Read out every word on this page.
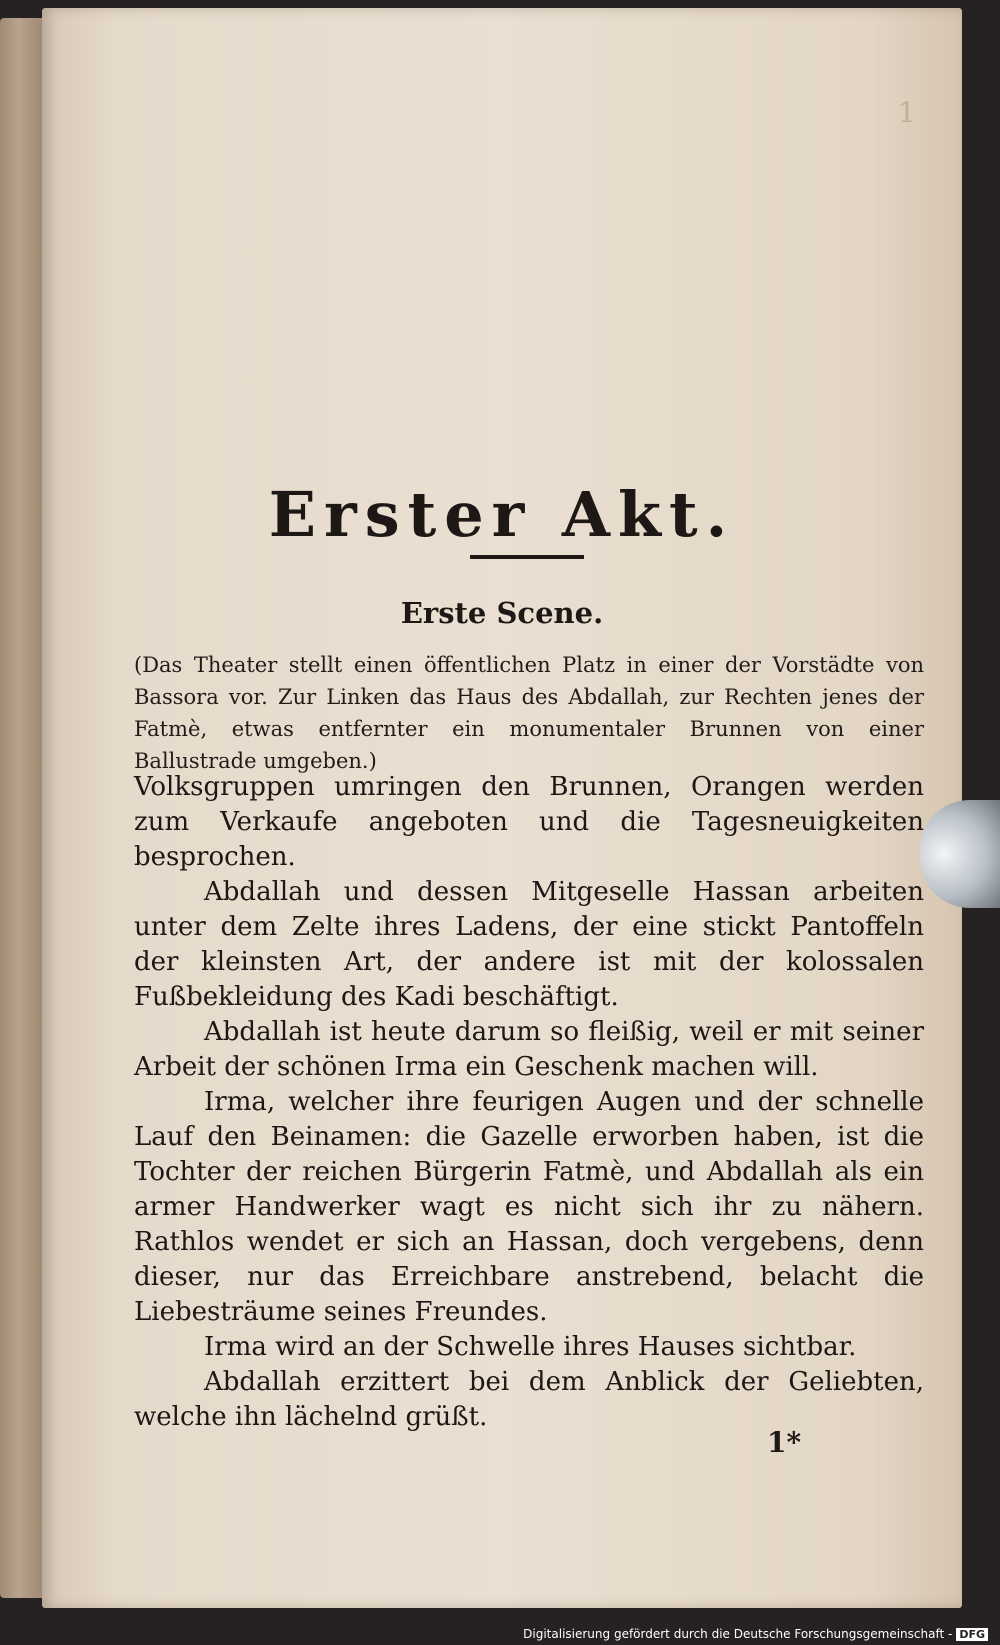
1
Erster Akt.
Erste Scene.
(Das Theater stellt einen öffentlichen Platz in einer der Vorstädte von Bassora vor. Zur Linken das Haus des Abdallah, zur Rechten jenes der Fatmè, etwas entfernter ein monumentaler Brunnen von einer Ballustrade umgeben.)

Volksgruppen umringen den Brunnen, Orangen werden zum Verkaufe angeboten und die Tagesneuigkeiten besprochen.

Abdallah und dessen Mitgeselle Hassan arbeiten unter dem Zelte ihres Ladens, der eine stickt Pantoffeln der kleinsten Art, der andere ist mit der kolossalen Fußbekleidung des Kadi beschäftigt.

Abdallah ist heute darum so fleißig, weil er mit seiner Arbeit der schönen Irma ein Geschenk machen will.

Irma, welcher ihre feurigen Augen und der schnelle Lauf den Beinamen: die Gazelle erworben haben, ist die Tochter der reichen Bürgerin Fatmè, und Abdallah als ein armer Handwerker wagt es nicht sich ihr zu nähern. Rathlos wendet er sich an Hassan, doch vergebens, denn dieser, nur das Erreichbare anstrebend, belacht die Liebesträume seines Freundes.

Irma wird an der Schwelle ihres Hauses sichtbar.

Abdallah erzittert bei dem Anblick der Geliebten, welche ihn lächelnd grüßt.

1*
Digitalisierung gefördert durch die Deutsche Forschungsgemeinschaft - DFG
